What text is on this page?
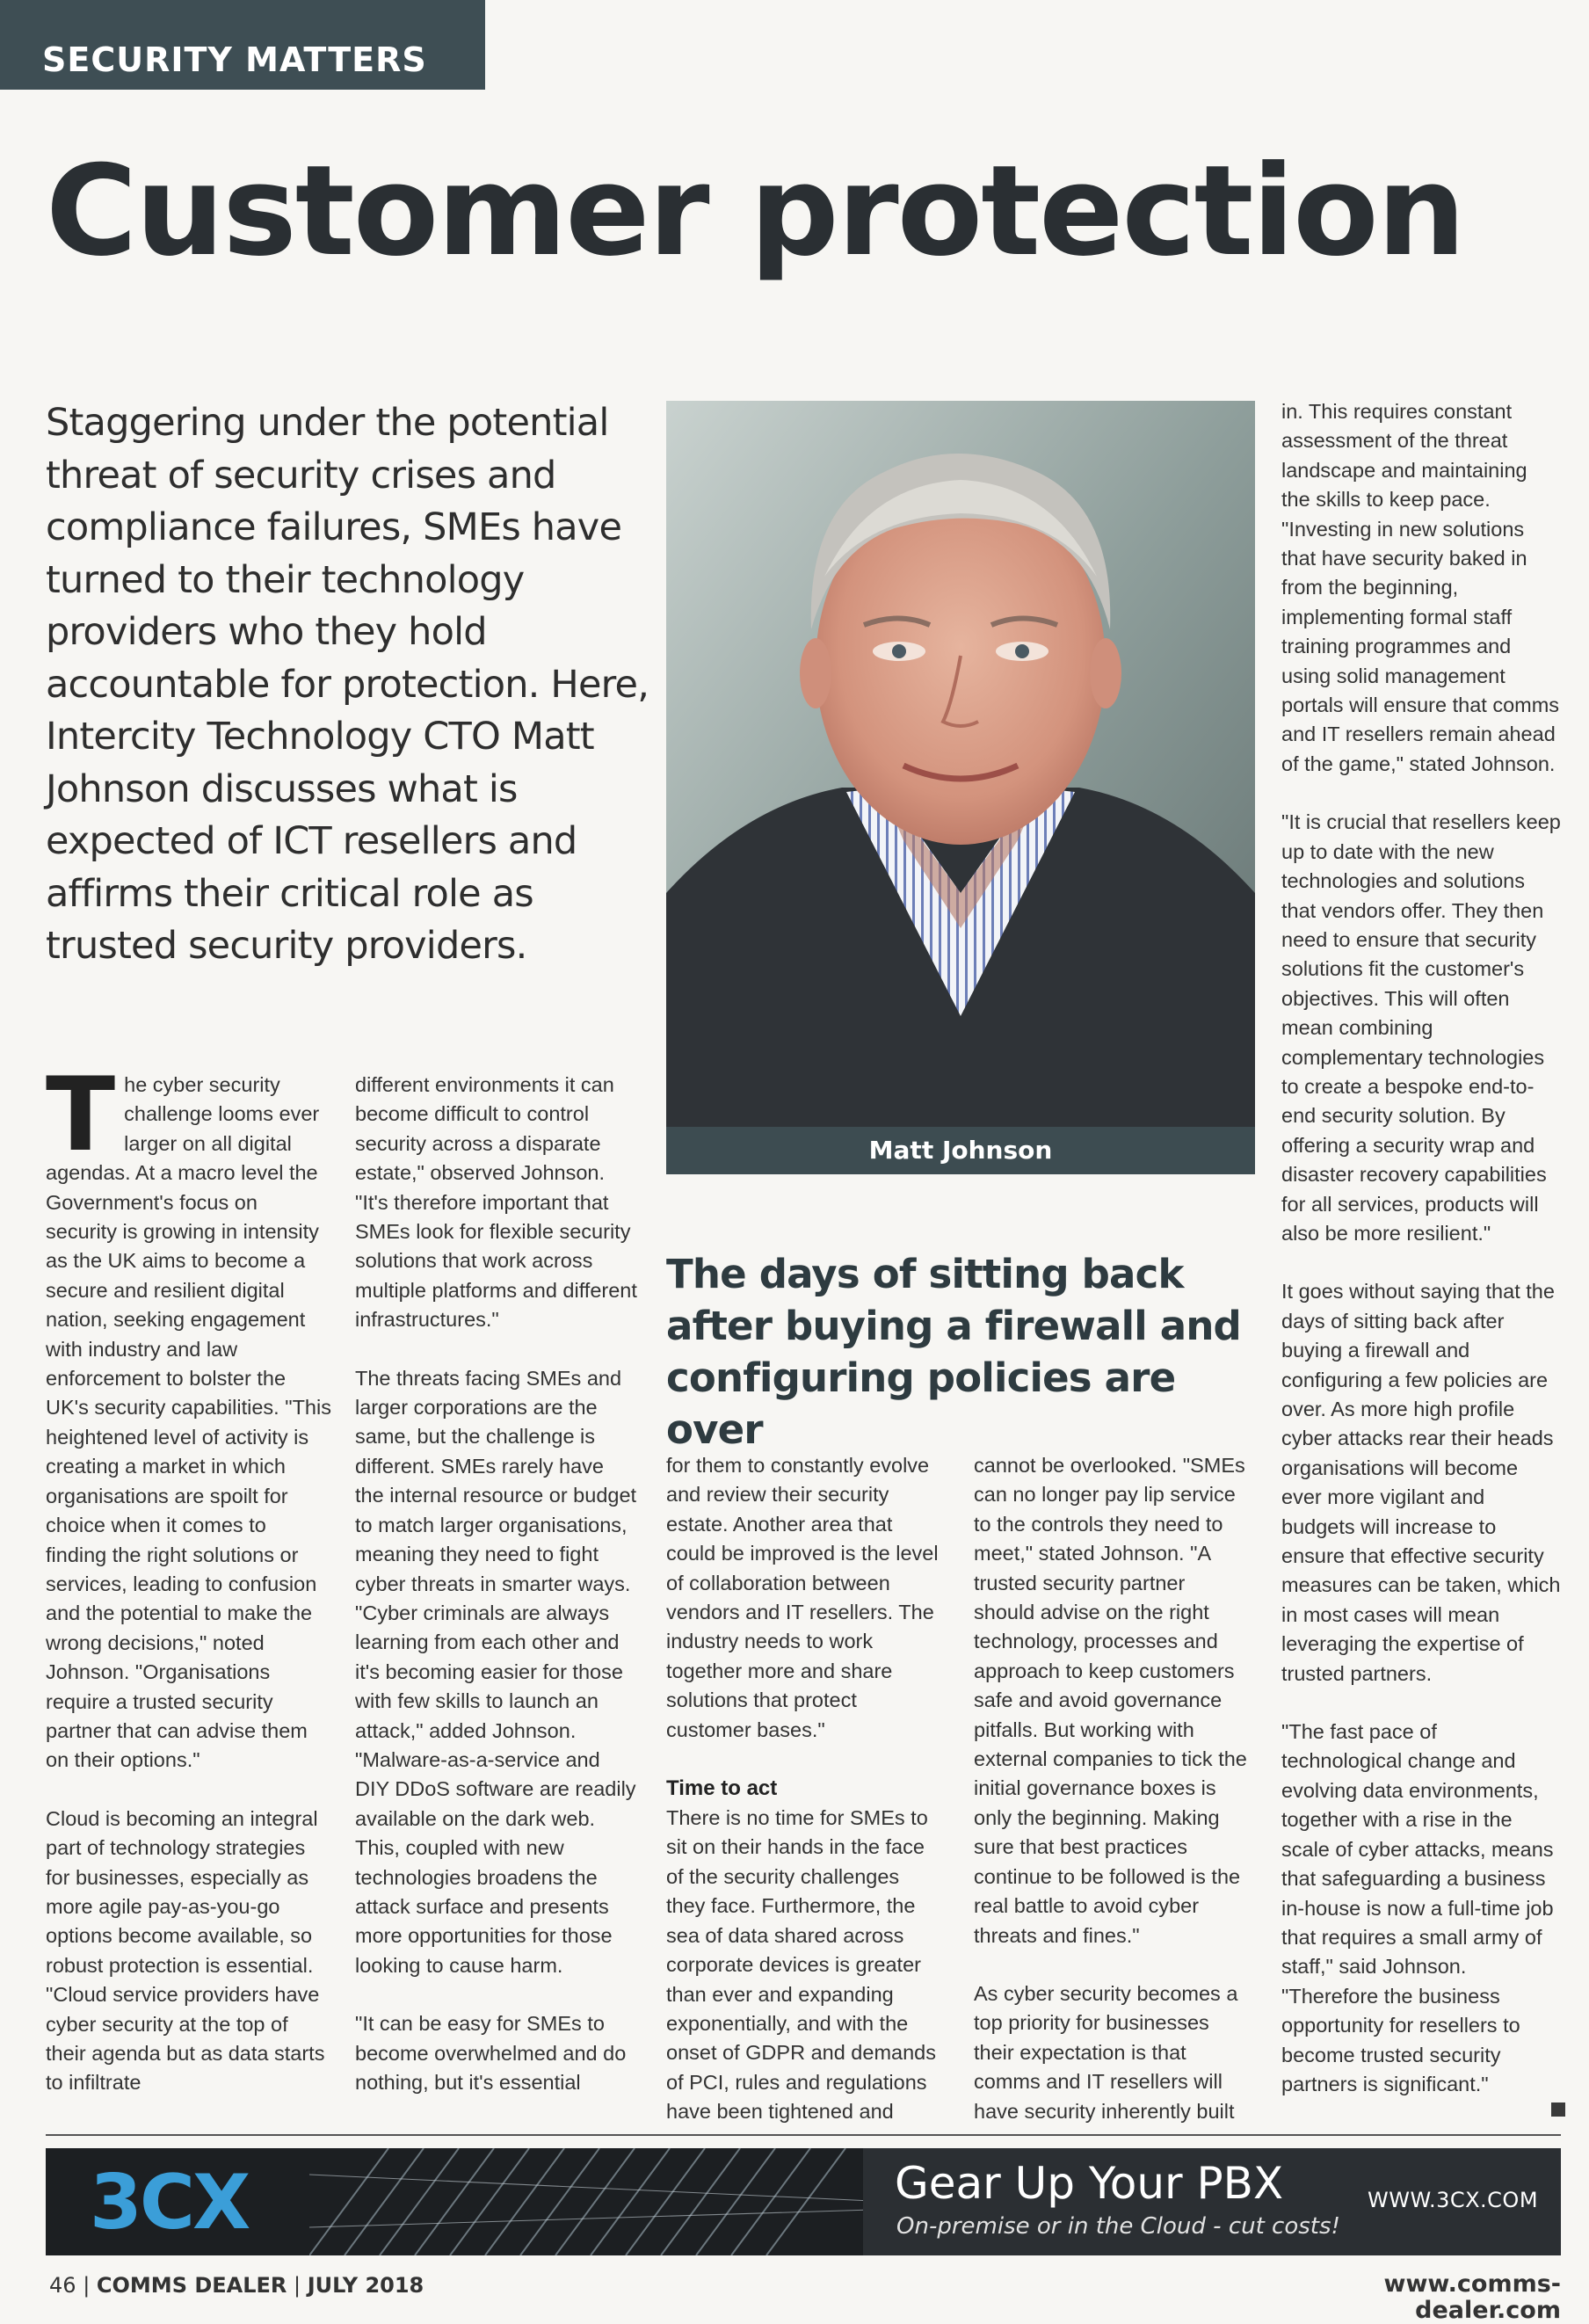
SECURITY MATTERS
Customer protection

Staggering under the potential threat of security crises and compliance failures, SMEs have turned to their technology providers who they hold accountable for protection. Here, Intercity Technology CTO Matt Johnson discusses what is expected of ICT resellers and affirms their critical role as trusted security providers.

Matt Johnson
The days of sitting back after buying a firewall and configuring policies are over
T he cyber security challenge looms ever larger on all digital agendas. At a macro level the Government's focus on security is growing in intensity as the UK aims to become a secure and resilient digital nation, seeking engagement with industry and law enforcement to bolster the UK's security capabilities. "This heightened level of activity is creating a market in which organisations are spoilt for choice when it comes to finding the right solutions or services, leading to confusion and the potential to make the wrong decisions," noted Johnson. "Organisations require a trusted security partner that can advise them on their options."

Cloud is becoming an integral part of technology strategies for businesses, especially as more agile pay-as-you-go options become available, so robust protection is essential. "Cloud service providers have cyber security at the top of their agenda but as data starts to infiltrate

different environments it can become difficult to control security across a disparate estate," observed Johnson. "It's therefore important that SMEs look for flexible security solutions that work across multiple platforms and different infrastructures."

The threats facing SMEs and larger corporations are the same, but the challenge is different. SMEs rarely have the internal resource or budget to match larger organisations, meaning they need to fight cyber threats in smarter ways. "Cyber criminals are always learning from each other and it's becoming easier for those with few skills to launch an attack," added Johnson. "Malware-as-a-service and DIY DDoS software are readily available on the dark web. This, coupled with new technologies broadens the attack surface and presents more opportunities for those looking to cause harm.

"It can be easy for SMEs to become overwhelmed and do nothing, but it's essential

for them to constantly evolve and review their security estate. Another area that could be improved is the level of collaboration between vendors and IT resellers. The industry needs to work together more and share solutions that protect customer bases."

Time to act

There is no time for SMEs to sit on their hands in the face of the security challenges they face. Furthermore, the sea of data shared across corporate devices is greater than ever and expanding exponentially, and with the onset of GDPR and demands of PCI, rules and regulations have been tightened and

cannot be overlooked. "SMEs can no longer pay lip service to the controls they need to meet," stated Johnson. "A trusted security partner should advise on the right technology, processes and approach to keep customers safe and avoid governance pitfalls. But working with external companies to tick the initial governance boxes is only the beginning. Making sure that best practices continue to be followed is the real battle to avoid cyber threats and fines."

As cyber security becomes a top priority for businesses their expectation is that comms and IT resellers will have security inherently built

in. This requires constant assessment of the threat landscape and maintaining the skills to keep pace. "Investing in new solutions that have security baked in from the beginning, implementing formal staff training programmes and using solid management portals will ensure that comms and IT resellers remain ahead of the game," stated Johnson.

"It is crucial that resellers keep up to date with the new technologies and solutions that vendors offer. They then need to ensure that security solutions fit the customer's objectives. This will often mean combining complementary technologies to create a bespoke end-to-end security solution. By offering a security wrap and disaster recovery capabilities for all services, products will also be more resilient."

It goes without saying that the days of sitting back after buying a firewall and configuring a few policies are over. As more high profile cyber attacks rear their heads organisations will become ever more vigilant and budgets will increase to ensure that effective security measures can be taken, which in most cases will mean leveraging the expertise of trusted partners.

"The fast pace of technological change and evolving data environments, together with a rise in the scale of cyber attacks, means that safeguarding a business in-house is now a full-time job that requires a small army of staff," said Johnson. "Therefore the business opportunity for resellers to become trusted security partners is significant."

3CX	Gear Up Your PBX
On-premise or in the Cloud - cut costs!
WWW.3CX.COM
46 | COMMS DEALER | JULY 2018	www.comms-dealer.com
